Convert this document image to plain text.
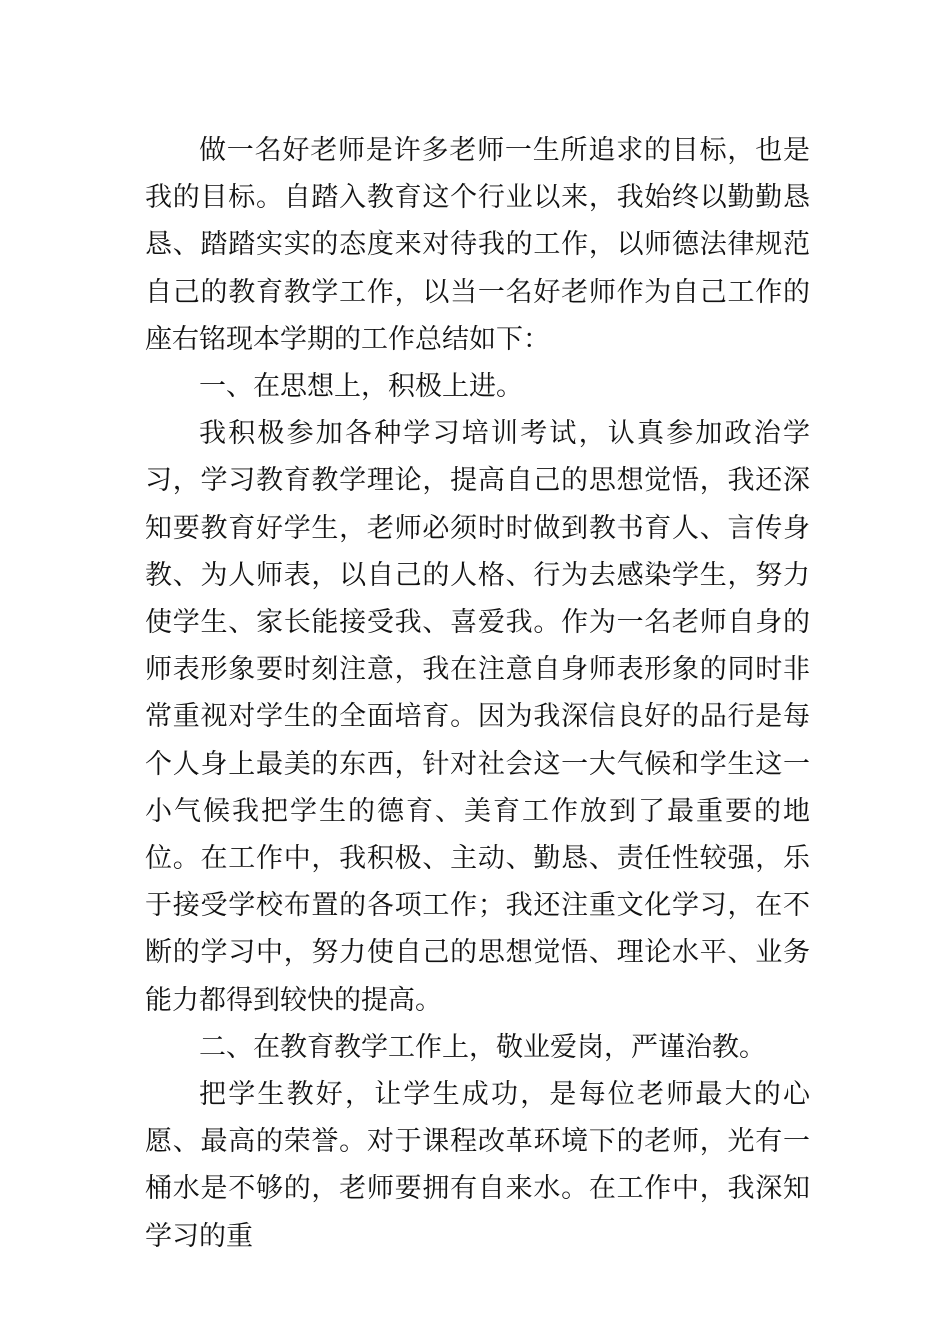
做一名好老师是许多老师一生所追求的目标，也是我的目标。自踏入教育这个行业以来，我始终以勤勤恳恳、踏踏实实的态度来对待我的工作，以师德法律规范自己的教育教学工作，以当一名好老师作为自己工作的座右铭现本学期的工作总结如下：

一、在思想上，积极上进。

我积极参加各种学习培训考试，认真参加政治学习，学习教育教学理论，提高自己的思想觉悟，我还深知要教育好学生，老师必须时时做到教书育人、言传身教、为人师表，以自己的人格、行为去感染学生，努力使学生、家长能接受我、喜爱我。作为一名老师自身的师表形象要时刻注意，我在注意自身师表形象的同时非常重视对学生的全面培育。因为我深信良好的品行是每个人身上最美的东西，针对社会这一大气候和学生这一小气候我把学生的德育、美育工作放到了最重要的地位。在工作中，我积极、主动、勤恳、责任性较强，乐于接受学校布置的各项工作；我还注重文化学习，在不断的学习中，努力使自己的思想觉悟、理论水平、业务能力都得到较快的提高。

二、在教育教学工作上，敬业爱岗，严谨治教。

把学生教好，让学生成功，是每位老师最大的心愿、最高的荣誉。对于课程改革环境下的老师，光有一桶水是不够的，老师要拥有自来水。在工作中，我深知学习的重
